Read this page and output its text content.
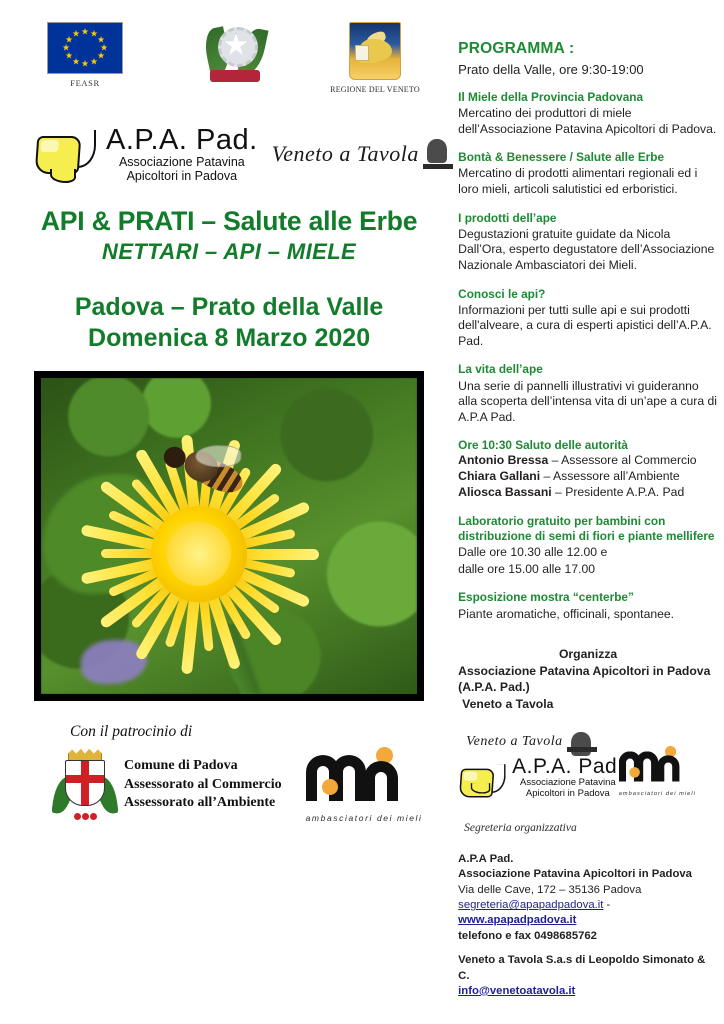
★ ★
★
★
★
★
★
★
★
★
★
★
FEASR
REGIONE DEL VENETO
A.P.A. Pad.
Associazione Patavina
Apicoltori in Padova
Veneto a Tavola
API & PRATI – Salute alle Erbe
NETTARI – API – MIELE
Padova – Prato della Valle
Domenica 8 Marzo 2020
Con il patrocinio di
Comune di Padova
Assessorato al Commercio
Assessorato all’Ambiente
ambasciatori dei mieli
PROGRAMMA :
Prato della Valle, ore 9:30-19:00
Il Miele della Provincia Padovana
Mercatino dei produttori di miele dell’Associazione Patavina Apicoltori di Padova.
Bontà & Benessere / Salute alle Erbe
Mercatino di prodotti alimentari regionali ed i loro mieli, articoli salutistici ed erboristici.
I prodotti dell’ape
Degustazioni gratuite guidate da Nicola Dall’Ora, esperto degustatore dell’Associazione Nazionale Ambasciatori dei Mieli.
Conosci le api?
Informazioni per tutti sulle api e sui prodotti dell'alveare, a cura di esperti apistici dell’A.P.A. Pad.
La vita dell’ape
Una serie di pannelli illustrativi vi guideranno alla scoperta dell’intensa vita di un’ape a cura di A.P.A Pad.
Ore 10:30 Saluto delle autorità
Antonio Bressa – Assessore al Commercio
Chiara Gallani – Assessore all’Ambiente
Aliosca Bassani – Presidente A.P.A. Pad
Laboratorio gratuito per bambini con distribuzione di semi di fiori e piante mellifere
Dalle ore 10.30 alle 12.00 e
dalle ore 15.00 alle 17.00
Esposizione mostra “centerbe”
Piante aromatiche, officinali, spontanee.
Organizza
Associazione Patavina Apicoltori in Padova
(A.P.A. Pad.)
Veneto a Tavola
Veneto a Tavola
A.P.A. Pad.
Associazione Patavina
Apicoltori in Padova	ambasciatori dei mieli
Segreteria organizzativa
A.P.A Pad.
Associazione Patavina Apicoltori in Padova
Via delle Cave, 172 – 35136 Padova
segreteria@apapadpadova.it -
www.apapadpadova.it
telefono e fax 0498685762
Veneto a Tavola S.a.s di Leopoldo Simonato & C.
info@venetoatavola.it
